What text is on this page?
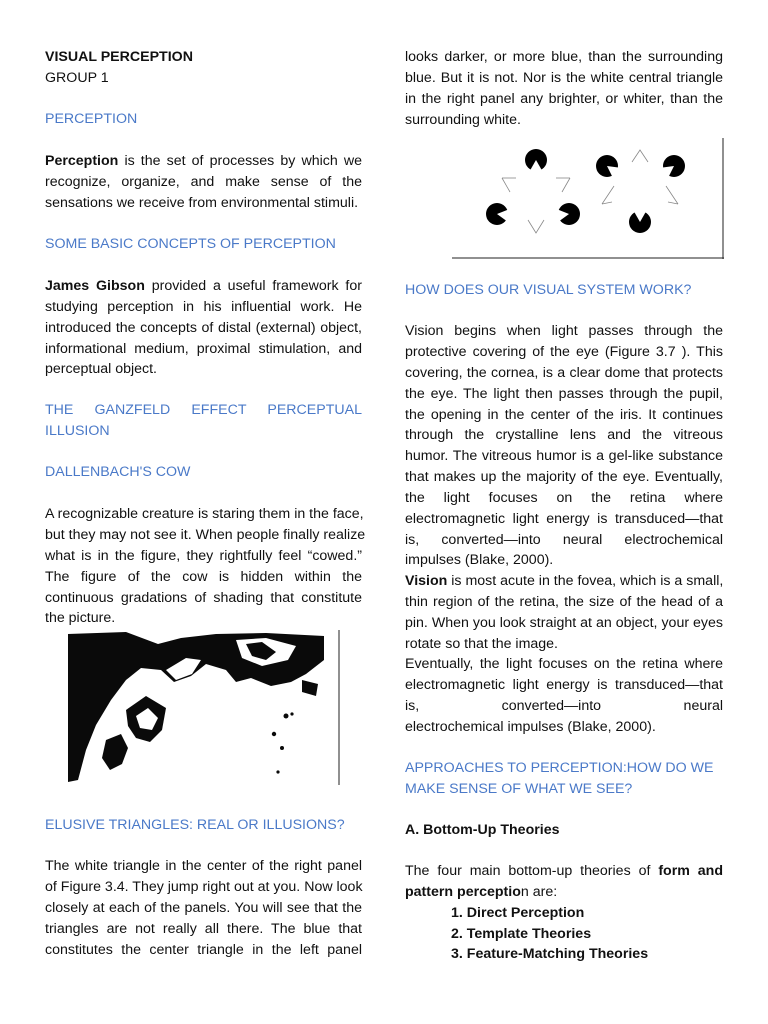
VISUAL PERCEPTION
GROUP 1
PERCEPTION
Perception is the set of processes by which we
recognize, organize, and make sense of the
sensations we receive from environmental stimuli.
SOME BASIC CONCEPTS OF PERCEPTION
James Gibson provided a useful framework for
studying perception in his influential work. He
introduced the concepts of distal (external) object,
informational medium, proximal stimulation, and
perceptual object.
THE GANZFELD EFFECT PERCEPTUAL
ILLUSION
DALLENBACH'S COW
A recognizable creature is staring them in the face,
but they may not see it. When people finally realize
what is in the figure, they rightfully feel “cowed.”
The figure of the cow is hidden within the
continuous gradations of shading that constitute
the picture.
ELUSIVE TRIANGLES: REAL OR ILLUSIONS?
The white triangle in the center of the right panel
of Figure 3.4. They jump right out at you. Now look
closely at each of the panels. You will see that the
triangles are not really all there. The blue that
constitutes the center triangle in the left panel
looks darker, or more blue, than the surrounding
blue. But it is not. Nor is the white central triangle
in the right panel any brighter, or whiter, than the
surrounding white.
HOW DOES OUR VISUAL SYSTEM WORK?
Vision begins when light passes through the
protective covering of the eye (Figure 3.7 ). This
covering, the cornea, is a clear dome that protects
the eye. The light then passes through the pupil,
the opening in the center of the iris. It continues
through the crystalline lens and the vitreous
humor. The vitreous humor is a gel-like substance
that makes up the majority of the eye. Eventually,
the light focuses on the retina where
electromagnetic light energy is transduced—that
is, converted—into neural electrochemical
impulses (Blake, 2000).
Vision is most acute in the fovea, which is a small,
thin region of the retina, the size of the head of a
pin. When you look straight at an object, your eyes
rotate so that the image.
Eventually, the light focuses on the retina where
electromagnetic light energy is transduced—that
is, converted—into neural
electrochemical impulses (Blake, 2000).
APPROACHES TO PERCEPTION:HOW DO WE
MAKE SENSE OF WHAT WE SEE?
A. Bottom-Up Theories
The four main bottom-up theories of form and
pattern perception are:
1. Direct Perception
2. Template Theories
3. Feature-Matching Theories
